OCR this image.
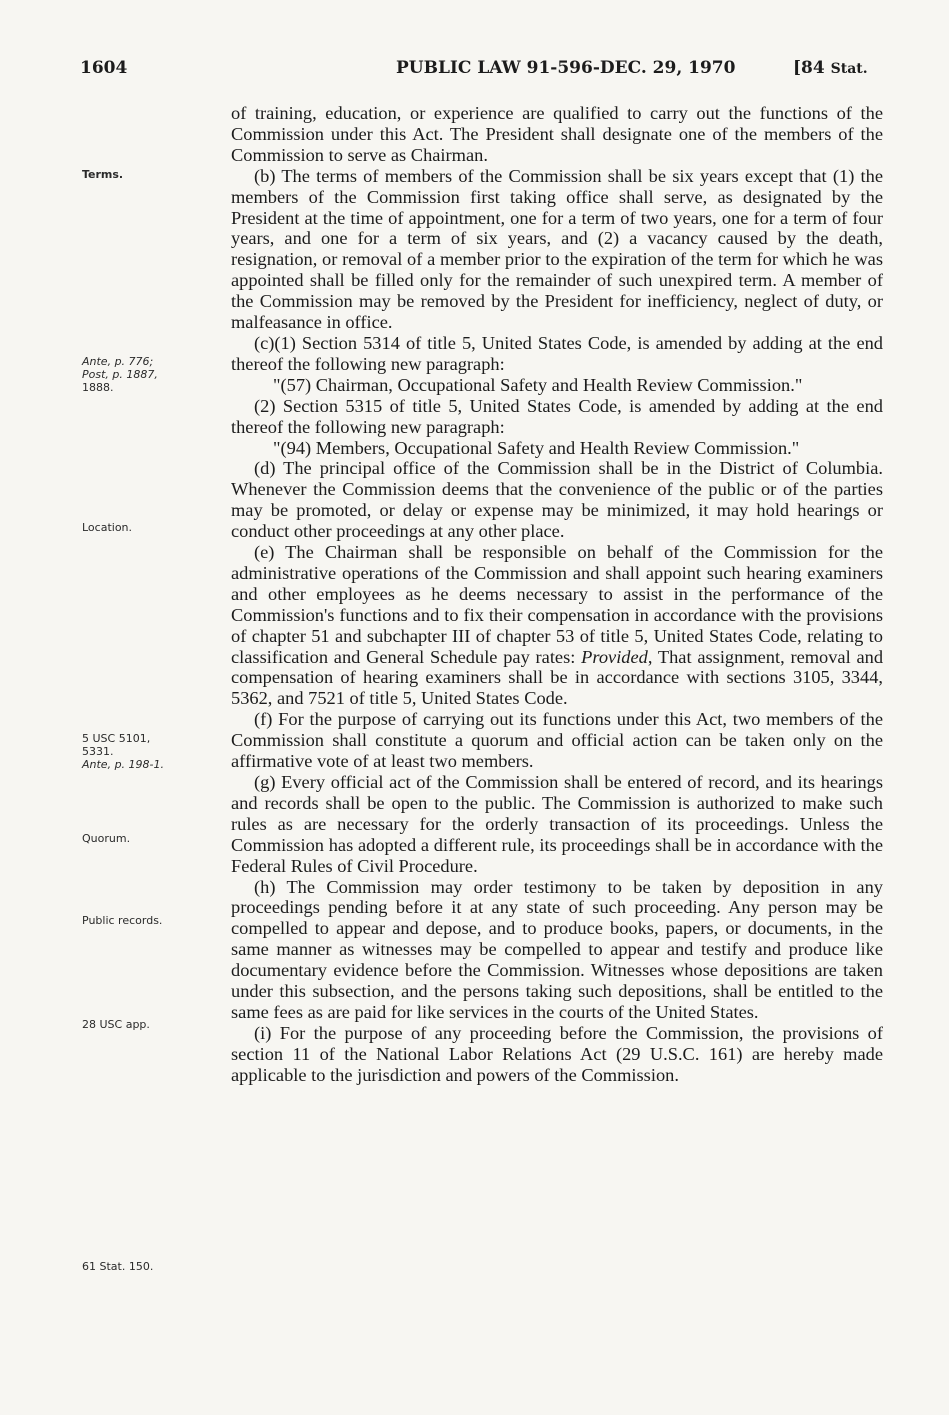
1604	PUBLIC LAW 91-596-DEC. 29, 1970	[84 Stat.
Terms.
Ante, p. 776;
Post, p. 1887,
1888.
Location.
5 USC 5101,
5331.
Ante, p. 198-1.
Quorum.
Public records.
28 USC app.
61 Stat. 150.

of training, education, or experience are qualified to carry out the functions of the Commission under this Act. The President shall designate one of the members of the Commission to serve as Chairman.

(b) The terms of members of the Commission shall be six years except that (1) the members of the Commission first taking office shall serve, as designated by the President at the time of appointment, one for a term of two years, one for a term of four years, and one for a term of six years, and (2) a vacancy caused by the death, resignation, or removal of a member prior to the expiration of the term for which he was appointed shall be filled only for the remainder of such unexpired term. A member of the Commission may be removed by the President for inefficiency, neglect of duty, or malfeasance in office.

(c)(1) Section 5314 of title 5, United States Code, is amended by adding at the end thereof the following new paragraph:

"(57) Chairman, Occupational Safety and Health Review Commission."

(2) Section 5315 of title 5, United States Code, is amended by adding at the end thereof the following new paragraph:

"(94) Members, Occupational Safety and Health Review Commission."

(d) The principal office of the Commission shall be in the District of Columbia. Whenever the Commission deems that the convenience of the public or of the parties may be promoted, or delay or expense may be minimized, it may hold hearings or conduct other proceedings at any other place.

(e) The Chairman shall be responsible on behalf of the Commission for the administrative operations of the Commission and shall appoint such hearing examiners and other employees as he deems necessary to assist in the performance of the Commission's functions and to fix their compensation in accordance with the provisions of chapter 51 and subchapter III of chapter 53 of title 5, United States Code, relating to classification and General Schedule pay rates: Provided, That assignment, removal and compensation of hearing examiners shall be in accordance with sections 3105, 3344, 5362, and 7521 of title 5, United States Code.

(f) For the purpose of carrying out its functions under this Act, two members of the Commission shall constitute a quorum and official action can be taken only on the affirmative vote of at least two members.

(g) Every official act of the Commission shall be entered of record, and its hearings and records shall be open to the public. The Commission is authorized to make such rules as are necessary for the orderly transaction of its proceedings. Unless the Commission has adopted a different rule, its proceedings shall be in accordance with the Federal Rules of Civil Procedure.

(h) The Commission may order testimony to be taken by deposition in any proceedings pending before it at any state of such proceeding. Any person may be compelled to appear and depose, and to produce books, papers, or documents, in the same manner as witnesses may be compelled to appear and testify and produce like documentary evidence before the Commission. Witnesses whose depositions are taken under this subsection, and the persons taking such depositions, shall be entitled to the same fees as are paid for like services in the courts of the United States.

(i) For the purpose of any proceeding before the Commission, the provisions of section 11 of the National Labor Relations Act (29 U.S.C. 161) are hereby made applicable to the jurisdiction and powers of the Commission.
